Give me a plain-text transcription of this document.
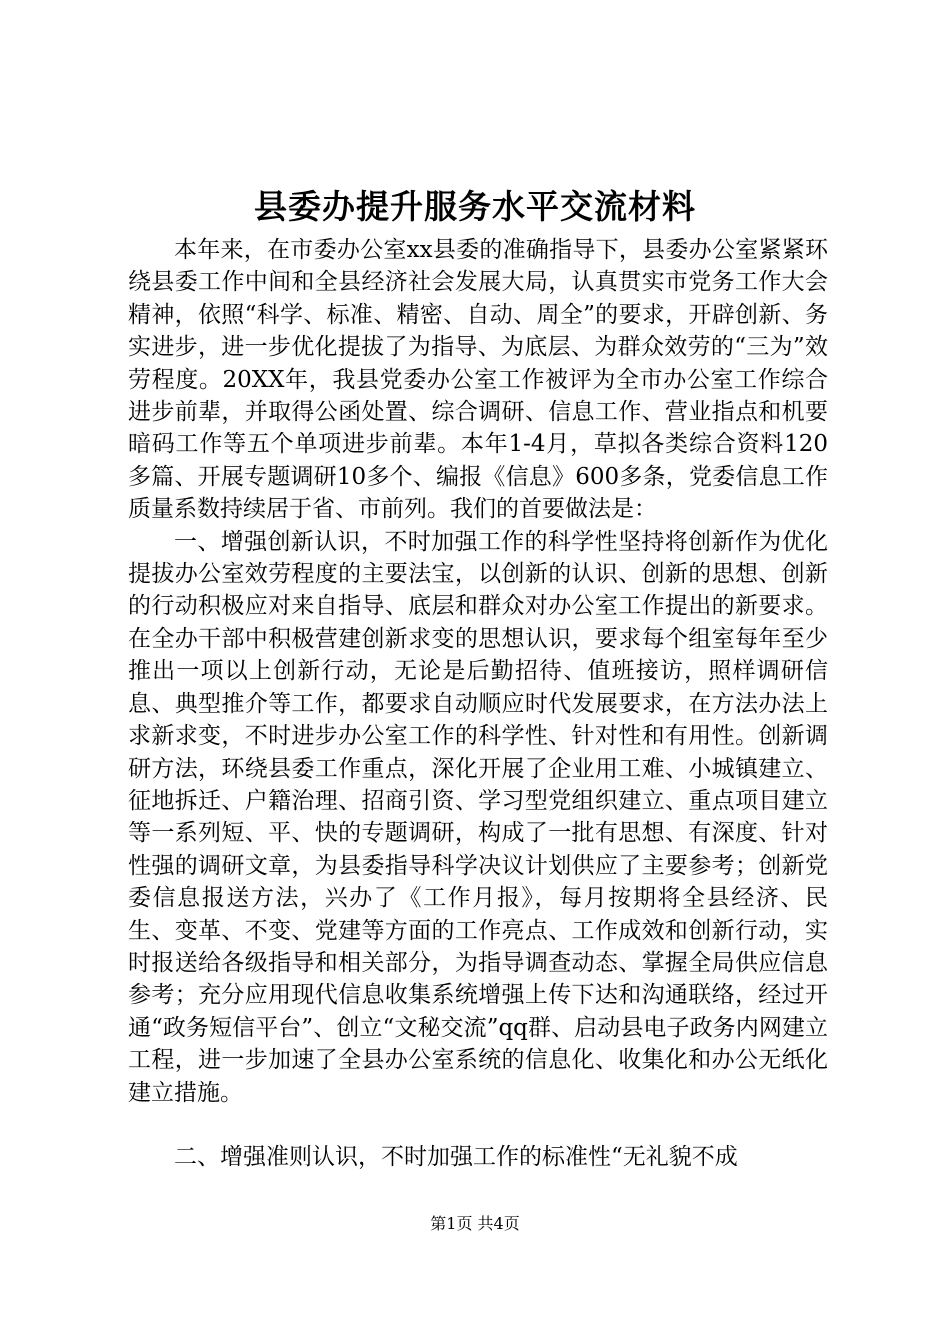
县委办提升服务水平交流材料

本年来，在市委办公室xx县委的准确指导下，县委办公室紧紧环绕县委工作中间和全县经济社会发展大局，认真贯实市党务工作大会精神，依照“科学、标准、精密、自动、周全”的要求，开辟创新、务实进步，进一步优化提拔了为指导、为底层、为群众效劳的“三为”效劳程度。20XX年，我县党委办公室工作被评为全市办公室工作综合进步前辈，并取得公函处置、综合调研、信息工作、营业指点和机要暗码工作等五个单项进步前辈。本年1-4月，草拟各类综合资料120多篇、开展专题调研10多个、编报《信息》600多条，党委信息工作质量系数持续居于省、市前列。我们的首要做法是：

一、增强创新认识，不时加强工作的科学性坚持将创新作为优化提拔办公室效劳程度的主要法宝，以创新的认识、创新的思想、创新的行动积极应对来自指导、底层和群众对办公室工作提出的新要求。在全办干部中积极营建创新求变的思想认识，要求每个组室每年至少推出一项以上创新行动，无论是后勤招待、值班接访，照样调研信息、典型推介等工作，都要求自动顺应时代发展要求，在方法办法上求新求变，不时进步办公室工作的科学性、针对性和有用性。创新调研方法，环绕县委工作重点，深化开展了企业用工难、小城镇建立、征地拆迁、户籍治理、招商引资、学习型党组织建立、重点项目建立等一系列短、平、快的专题调研，构成了一批有思想、有深度、针对性强的调研文章，为县委指导科学决议计划供应了主要参考；创新党委信息报送方法，兴办了《工作月报》，每月按期将全县经济、民生、变革、不变、党建等方面的工作亮点、工作成效和创新行动，实时报送给各级指导和相关部分，为指导调查动态、掌握全局供应信息参考；充分应用现代信息收集系统增强上传下达和沟通联络，经过开通“政务短信平台”、创立“文秘交流”qq群、启动县电子政务内网建立工程，进一步加速了全县办公室系统的信息化、收集化和办公无纸化建立措施。

二、增强准则认识，不时加强工作的标准性“无礼貌不成

第1页 共4页
